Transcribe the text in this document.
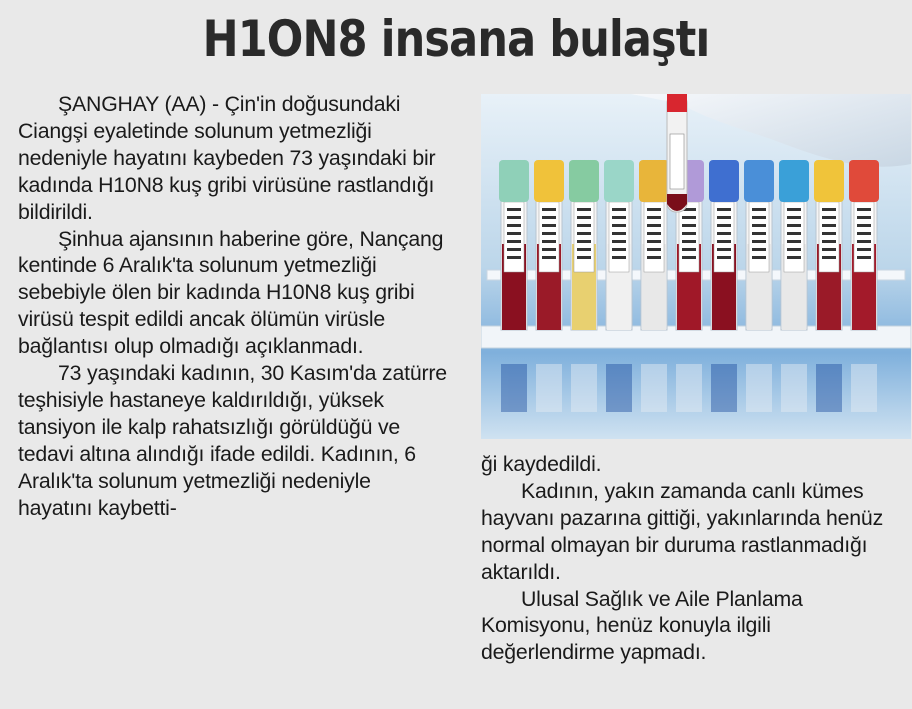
H1ON8 insana bulaştı

ŞANGHAY (AA) - Çin'in doğusundaki Ciangşi eyaletinde solunum yetmezliği nedeniyle hayatını kaybeden 73 yaşındaki bir kadında H10N8 kuş gribi virüsüne rastlandığı bildirildi.

Şinhua ajansının haberine göre, Nançang kentinde 6 Aralık'ta solunum yetmezliği sebebiyle ölen bir kadında H10N8 kuş gribi virüsü tespit edildi ancak ölümün virüsle bağlantısı olup olmadığı açıklanmadı.

73 yaşındaki kadının, 30 Kasım'da zatürre teşhisiyle hastaneye kaldırıldığı, yüksek tansiyon ile kalp rahatsızlığı görüldüğü ve tedavi altına alındığı ifade edildi. Kadının, 6 Aralık'ta solunum yetmezliği nedeniyle hayatını kaybetti-

ği kaydedildi.

Kadının, yakın zamanda canlı kümes hayvanı pazarına gittiği, yakınlarında henüz normal olmayan bir duruma rastlanmadığı aktarıldı.

Ulusal Sağlık ve Aile Planlama Komisyonu, henüz konuyla ilgili değerlendirme yapmadı.
